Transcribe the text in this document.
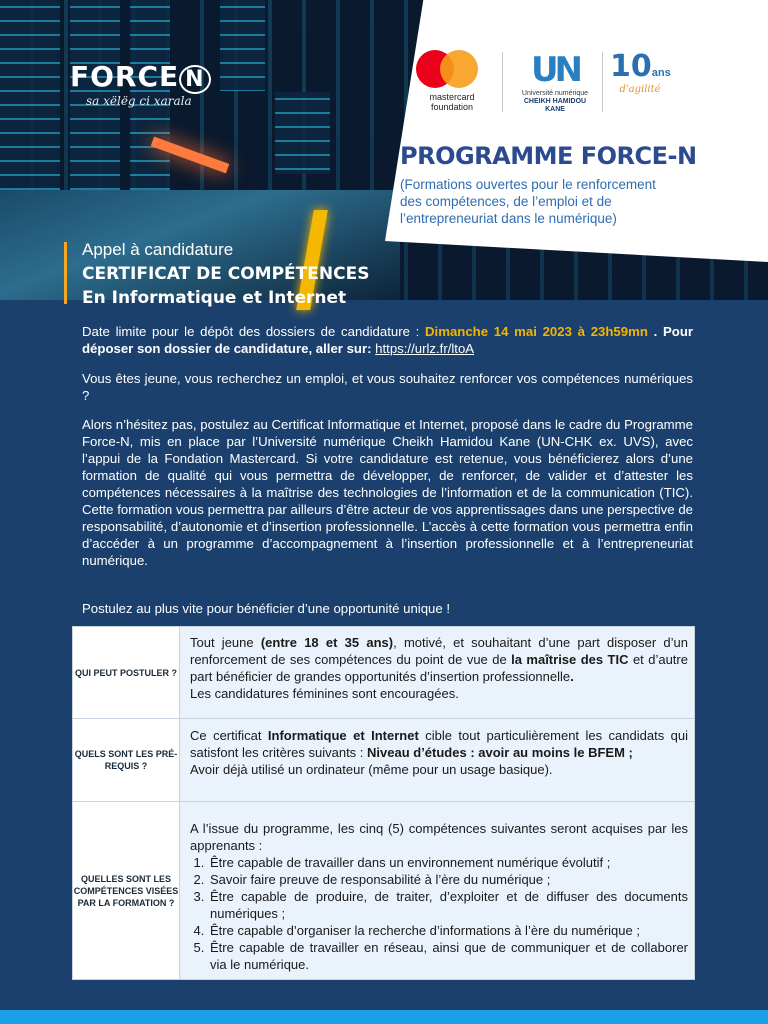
FORCE N
sa xëlëg ci xarala	mastercard
foundation
UN
Université numérique
CHEIKH HAMIDOU KANE
10ans
d'agilité
PROGRAMME FORCE-N
(Formations ouvertes pour le renforcement des compétences, de l’emploi et de l’entrepreneuriat dans le numérique)
Appel à candidature
CERTIFICAT DE COMPÉTENCES
En Informatique et Internet
Date limite pour le dépôt des dossiers de candidature : Dimanche 14 mai 2023 à 23h59mn . Pour déposer son dossier de candidature, aller sur: https://urlz.fr/ltoA
Vous êtes jeune, vous recherchez un emploi, et vous souhaitez renforcer vos compétences numériques ?
Alors n’hésitez pas, postulez au Certificat Informatique et Internet, proposé dans le cadre du Programme Force-N, mis en place par l’Université numérique Cheikh Hamidou Kane (UN-CHK ex. UVS), avec l’appui de la Fondation Mastercard. Si votre candidature est retenue, vous bénéficierez alors d’une formation de qualité qui vous permettra de développer, de renforcer, de valider et d’attester les compétences nécessaires à la maîtrise des technologies de l’information et de la communication (TIC). Cette formation vous permettra par ailleurs d’être acteur de vos apprentissages dans une perspective de responsabilité, d’autonomie et d’insertion professionnelle. L’accès à cette formation vous permettra enfin d’accéder à un programme d’accompagnement à l’insertion professionnelle et à l’entrepreneuriat numérique.
Postulez au plus vite pour bénéficier d’une opportunité unique !
QUI PEUT POSTULER ?
Tout jeune (entre 18 et 35 ans), motivé, et souhaitant d’une part disposer d’un renforcement de ses compétences du point de vue de la maîtrise des TIC et d’autre part bénéficier de grandes opportunités d’insertion professionnelle.
Les candidatures féminines sont encouragées.
QUELS SONT LES PRÉ-REQUIS ?
Ce certificat Informatique et Internet cible tout particulièrement les candidats qui satisfont les critères suivants : Niveau d’études : avoir au moins le BFEM ;
Avoir déjà utilisé un ordinateur (même pour un usage basique).
QUELLES SONT LES COMPÉTENCES VISÉES PAR LA FORMATION ?
A l’issue du programme, les cinq (5) compétences suivantes seront acquises par les apprenants :
1. Être capable de travailler dans un environnement numérique évolutif ;
2. Savoir faire preuve de responsabilité à l’ère du numérique ;
3. Être capable de produire, de traiter, d’exploiter et de diffuser des documents numériques ;
4. Être capable d’organiser la recherche d’informations à l’ère du numérique ;
5. Être capable de travailler en réseau, ainsi que de communiquer et de collaborer via le numérique.
